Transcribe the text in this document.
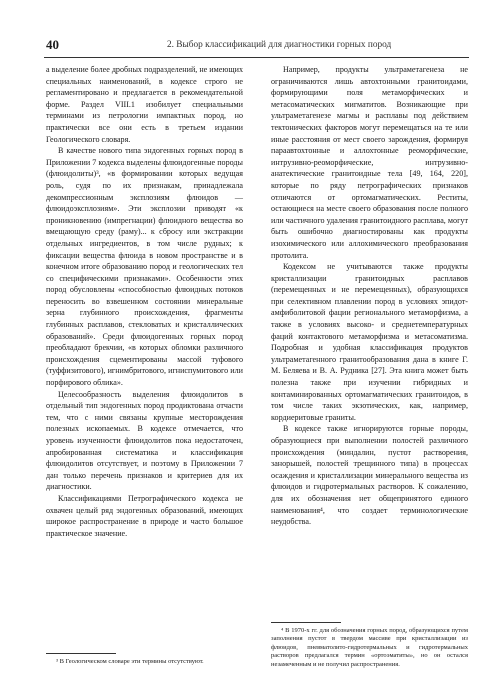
40	2. Выбор классификаций для диагностики горных пород

а выделение более дробных подразделений, не имеющих специальных наименований, в кодексе строго не регламентировано и предлагается в рекомендательной форме. Раздел VIII.1 изобилует специальными терминами из петрологии импактных пород, но практически все они есть в третьем издании Геологического словаря.

В качестве нового типа эндогенных горных пород в Приложении 7 кодекса выделены флюидогенные породы (флюидолиты)³, «в формировании которых ведущая роль, судя по их признакам, принадлежала декомпрессионным эксплозиям флюидов — флюидоэксплозиям». Эти эксплозии приводят «к проникновению (импрегнации) флюидного вещества во вмещающую среду (раму)... к сбросу или экстракции отдельных ингредиентов, в том числе рудных; к фиксации вещества флюида в новом пространстве и в конечном итоге образованию пород и геологических тел со специфическими признаками». Особенности этих пород обусловлены «способностью флюидных потоков переносить во взвешенном состоянии минеральные зерна глубинного происхождения, фрагменты глубинных расплавов, стекловатых и кристаллических образований». Среди флюидогенных горных пород преобладают брекчии, «в которых обломки различного происхождения сцементированы массой туфового (туффизитового), игнимбритового, игниспумитового или порфирового облика».

Целесообразность выделения флюидолитов в отдельный тип эндогенных пород продиктована отчасти тем, что с ними связаны крупные месторождения полезных ископаемых. В кодексе отмечается, что уровень изученности флюидолитов пока недостаточен, апробированная систематика и классификация флюидолитов отсутствует, и поэтому в Приложении 7 дан только перечень признаков и критериев для их диагностики.

Классификациями Петрографического кодекса не охвачен целый ряд эндогенных образований, имеющих широкое распространение в природе и часто большое практическое значение.

Например, продукты ультраметагенеза не ограничиваются лишь автохтонными гранитоидами, формирующими поля метаморфических и метасоматических мигматитов. Возникающие при ультраметагенезе магмы и расплавы под действием тектонических факторов могут перемещаться на те или иные расстояния от мест своего зарождения, формируя параавтохтонные и аллохтонные реоморфические, интрузивно-реоморфические, интрузивно-анатектические гранитоидные тела [49, 164, 220], которые по ряду петрографических признаков отличаются от ортомагматических. Реститы, остающиеся на месте своего образования после полного или частичного удаления гранитоидного расплава, могут быть ошибочно диагностированы как продукты изохимического или аллохимического преобразования протолита.

Кодексом не учитываются также продукты кристаллизации гранитоидных расплавов (перемещенных и не перемещенных), образующихся при селективном плавлении пород в условиях эпидот-амфиболитовой фации регионального метаморфизма, а также в условиях высоко- и среднетемпературных фаций контактового метаморфизма и метасоматизма. Подробная и удобная классификация продуктов ультраметагенного гранитообразования дана в книге Г. М. Беляева и В. А. Рудника [27]. Эта книга может быть полезна также при изучении гибридных и контаминированных ортомагматических гранитоидов, в том числе таких экзотических, как, например, кордиеритовые граниты.

В кодексе также игнорируются горные породы, образующиеся при выполнении полостей различного происхождения (миндалин, пустот растворения, занорышей, полостей трещинного типа) в процессах осаждения и кристаллизации минерального вещества из флюидов и гидротермальных растворов. К сожалению, для их обозначения нет общепринятого единого наименования⁴, что создает терминологические неудобства.

³ В Геологическом словаре эти термины отсутствуют.

⁴ В 1970-х гг. для обозначения горных пород, образующихся путем заполнения пустот в твердом массиве при кристаллизации из флюидов, пневматолито-гидротермальных и гидротермальных растворов предлагался термин «ортоэматиты», но он остался незамеченным и не получил распространения.
